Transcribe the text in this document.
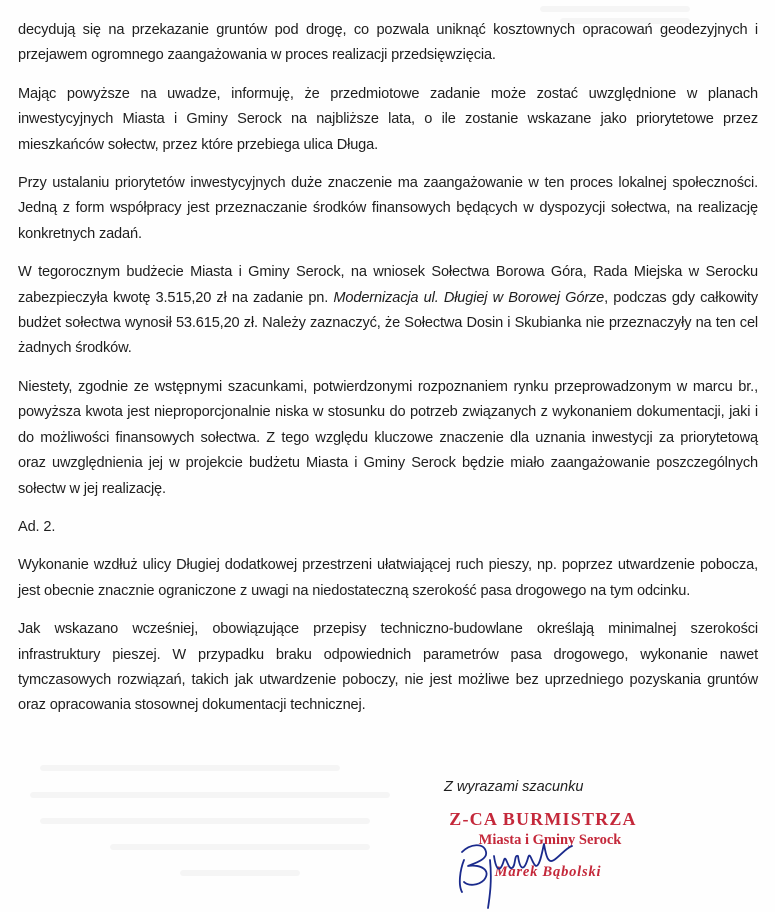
decydują się na przekazanie gruntów pod drogę, co pozwala uniknąć kosztownych opracowań geodezyjnych i przejawem ogromnego zaangażowania w proces realizacji przedsięwzięcia.

Mając powyższe na uwadze, informuję, że przedmiotowe zadanie może zostać uwzględnione w planach inwestycyjnych Miasta i Gminy Serock na najbliższe lata, o ile zostanie wskazane jako priorytetowe przez mieszkańców sołectw, przez które przebiega ulica Długa.

Przy ustalaniu priorytetów inwestycyjnych duże znaczenie ma zaangażowanie w ten proces lokalnej społeczności. Jedną z form współpracy jest przeznaczanie środków finansowych będących w dyspozycji sołectwa, na realizację konkretnych zadań.

W tegorocznym budżecie Miasta i Gminy Serock, na wniosek Sołectwa Borowa Góra, Rada Miejska w Serocku zabezpieczyła kwotę 3.515,20 zł na zadanie pn. Modernizacja ul. Długiej w Borowej Górze, podczas gdy całkowity budżet sołectwa wynosił 53.615,20 zł. Należy zaznaczyć, że Sołectwa Dosin i Skubianka nie przeznaczyły na ten cel żadnych środków.

Niestety, zgodnie ze wstępnymi szacunkami, potwierdzonymi rozpoznaniem rynku przeprowadzonym w marcu br., powyższa kwota jest nieproporcjonalnie niska w stosunku do potrzeb związanych z wykonaniem dokumentacji, jaki i do możliwości finansowych sołectwa. Z tego względu kluczowe znaczenie dla uznania inwestycji za priorytetową oraz uwzględnienia jej w projekcie budżetu Miasta i Gminy Serock będzie miało zaangażowanie poszczególnych sołectw w jej realizację.

Ad. 2.

Wykonanie wzdłuż ulicy Długiej dodatkowej przestrzeni ułatwiającej ruch pieszy, np. poprzez utwardzenie pobocza, jest obecnie znacznie ograniczone z uwagi na niedostateczną szerokość pasa drogowego na tym odcinku.

Jak wskazano wcześniej, obowiązujące przepisy techniczno-budowlane określają minimalnej szerokości infrastruktury pieszej. W przypadku braku odpowiednich parametrów pasa drogowego, wykonanie nawet tymczasowych rozwiązań, takich jak utwardzenie poboczy, nie jest możliwe bez uprzedniego pozyskania gruntów oraz opracowania stosownej dokumentacji technicznej.

Z wyrazami szacunku
Z-CA BURMISTRZA
Miasta i Gminy Serock
Marek Bąbolski
